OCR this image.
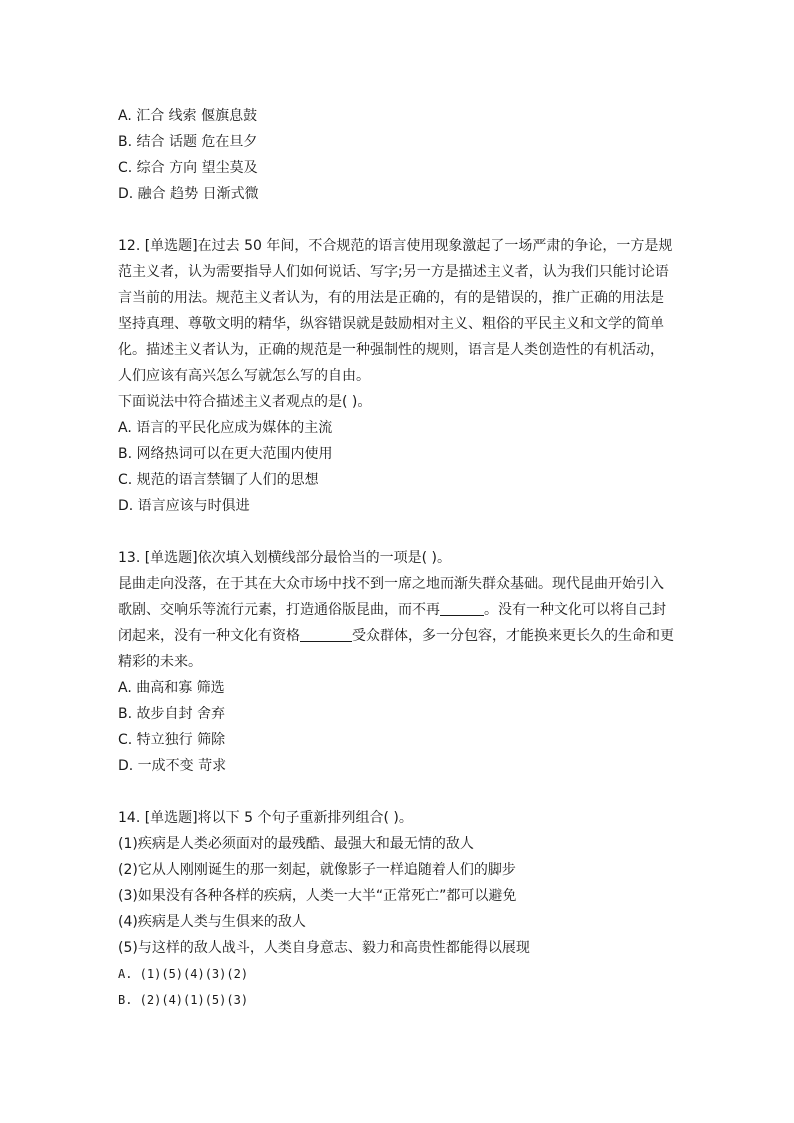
A. 汇合 线索 偃旗息鼓
B. 结合 话题 危在旦夕
C. 综合 方向 望尘莫及
D. 融合 趋势 日渐式微
12. [单选题]在过去 50 年间，不合规范的语言使用现象激起了一场严肃的争论，一方是规
范主义者，认为需要指导人们如何说话、写字;另一方是描述主义者，认为我们只能讨论语
言当前的用法。规范主义者认为，有的用法是正确的，有的是错误的，推广正确的用法是
坚持真理、尊敬文明的精华，纵容错误就是鼓励相对主义、粗俗的平民主义和文学的简单
化。描述主义者认为，正确的规范是一种强制性的规则，语言是人类创造性的有机活动，
人们应该有高兴怎么写就怎么写的自由。
下面说法中符合描述主义者观点的是( )。
A. 语言的平民化应成为媒体的主流
B. 网络热词可以在更大范围内使用
C. 规范的语言禁锢了人们的思想
D. 语言应该与时俱进
13. [单选题]依次填入划横线部分最恰当的一项是( )。
昆曲走向没落，在于其在大众市场中找不到一席之地而渐失群众基础。现代昆曲开始引入
歌剧、交响乐等流行元素，打造通俗版昆曲，而不再	。没有一种文化可以将自己封
闭起来，没有一种文化有资格	受众群体，多一分包容，才能换来更长久的生命和更
精彩的未来。
A. 曲高和寡 筛选
B. 故步自封 舍弃
C. 特立独行 筛除
D. 一成不变 苛求
14. [单选题]将以下 5 个句子重新排列组合( )。
(1)疾病是人类必须面对的最残酷、最强大和最无情的敌人
(2)它从人刚刚诞生的那一刻起，就像影子一样追随着人们的脚步
(3)如果没有各种各样的疾病，人类一大半“正常死亡”都可以避免
(4)疾病是人类与生俱来的敌人
(5)与这样的敌人战斗，人类自身意志、毅力和高贵性都能得以展现
A. (1)(5)(4)(3)(2)
B. (2)(4)(1)(5)(3)
